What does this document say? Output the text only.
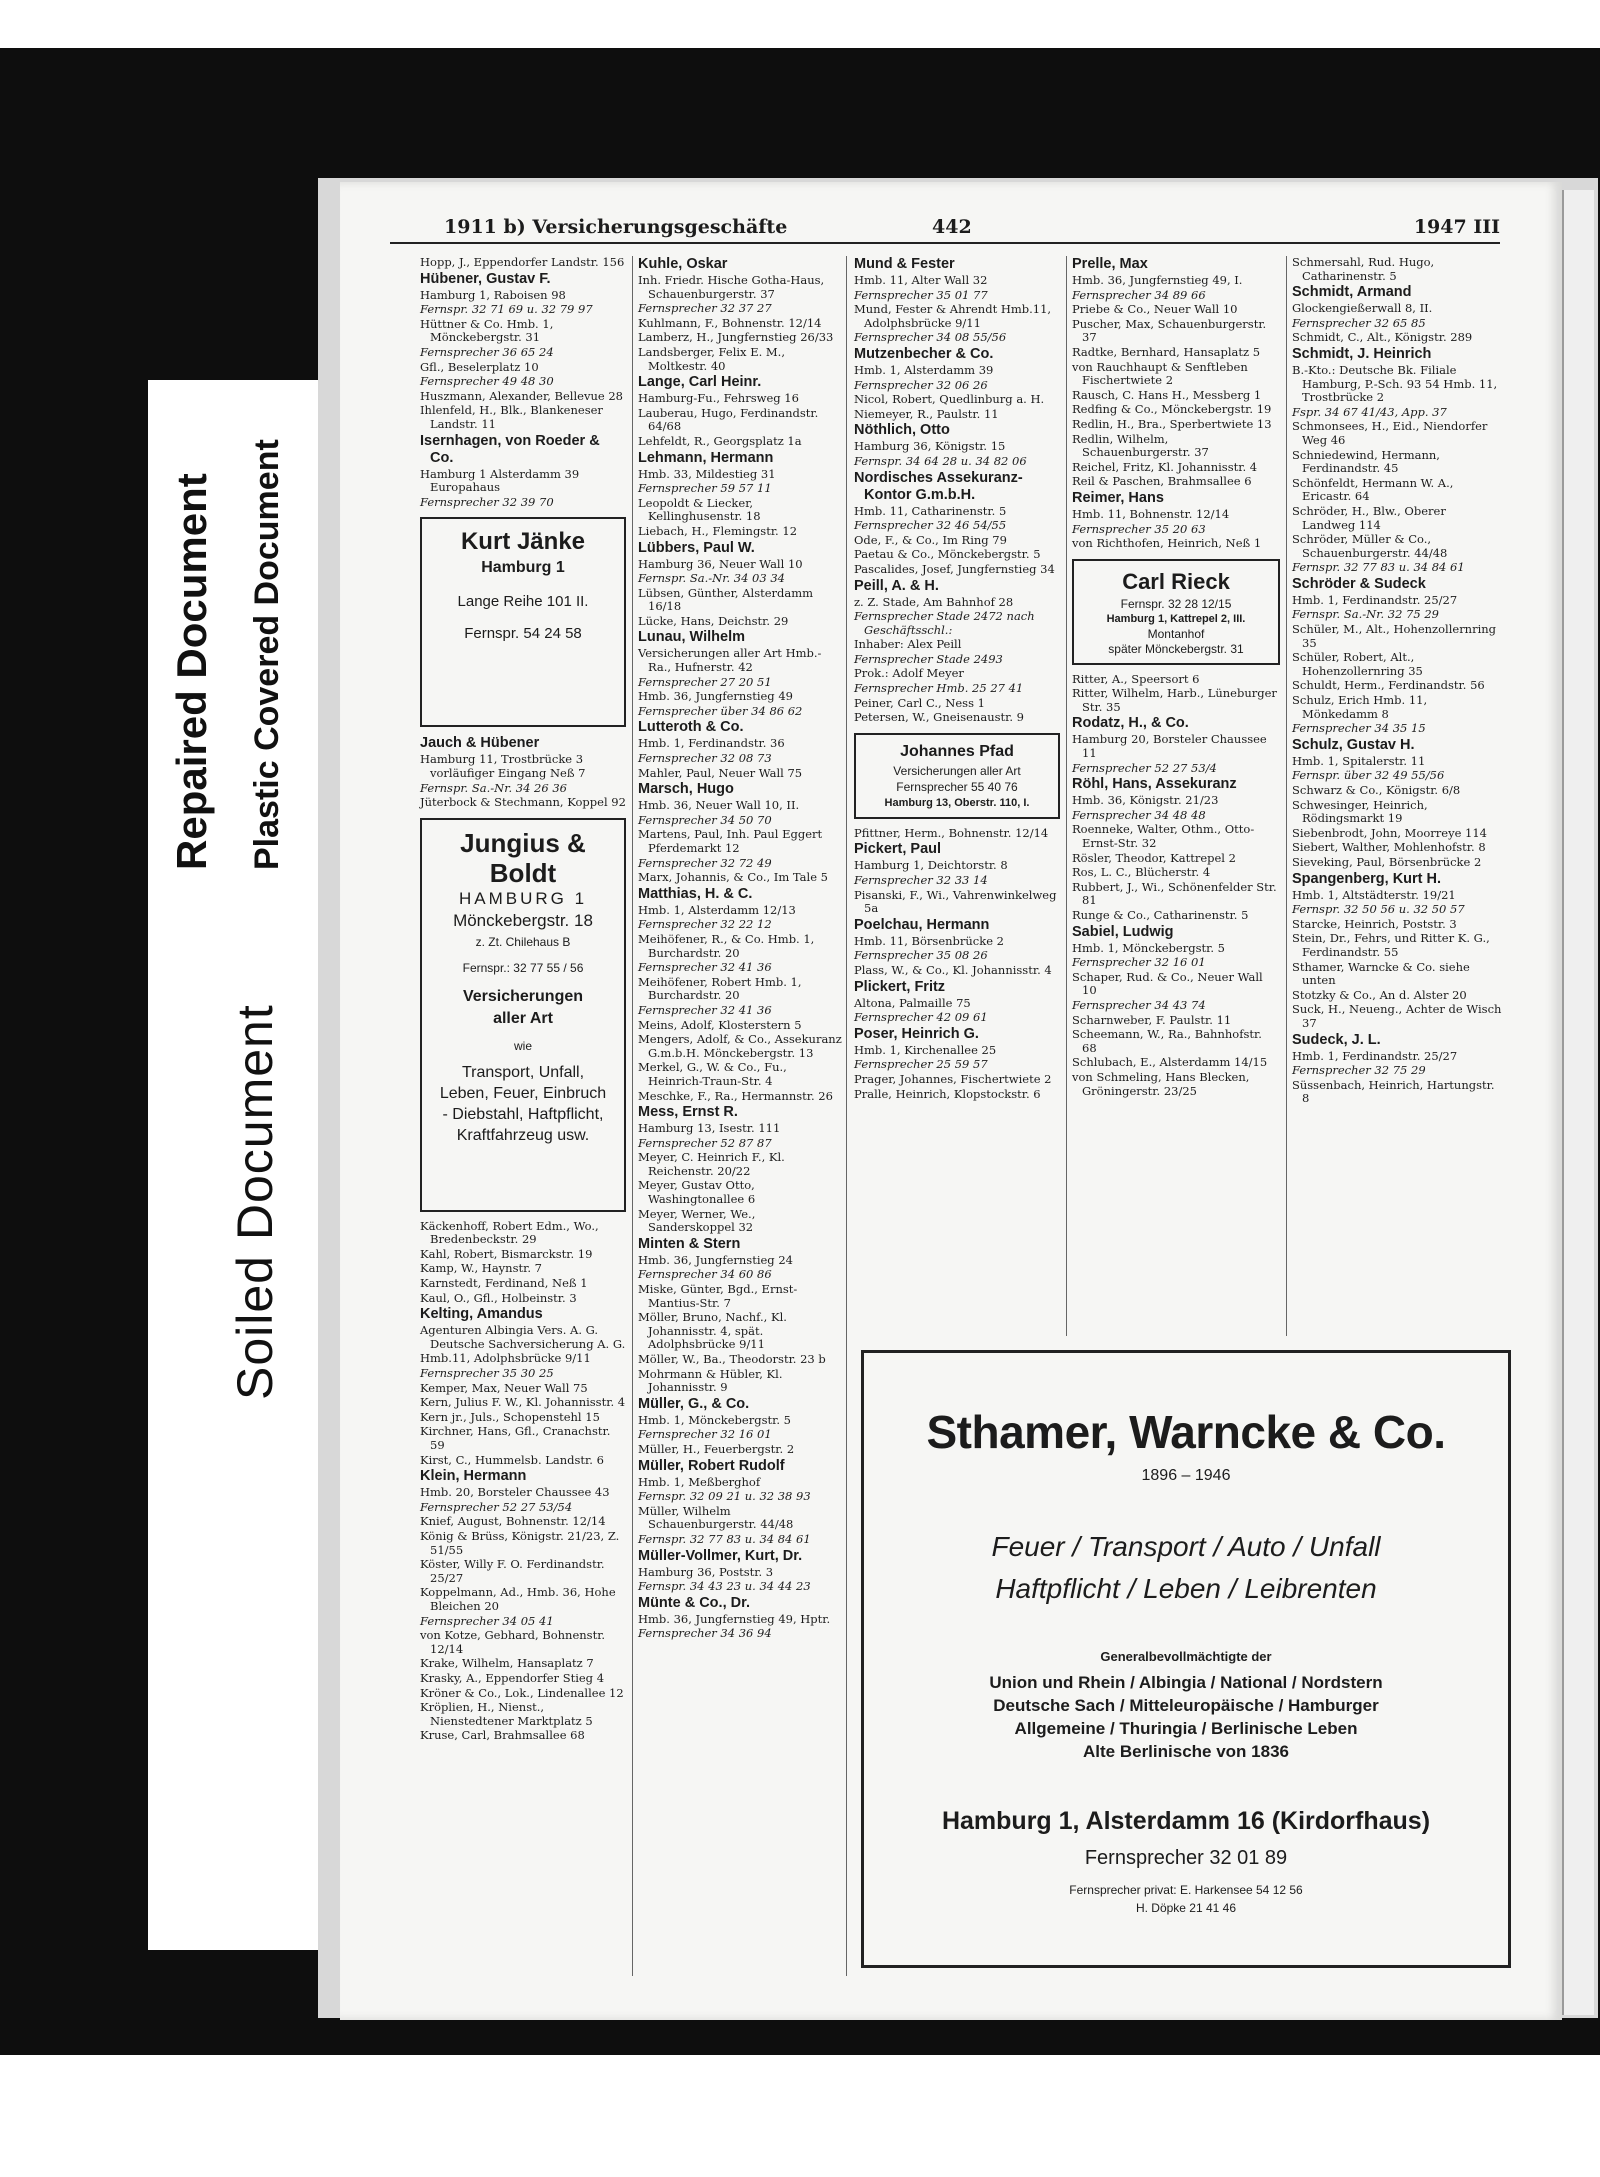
Repaired Document Plastic Covered Document
Soiled Document
1911 b) Versicherungsgeschäfte	442	1947 III
Hopp, J., Eppendorfer Landstr. 156
Hübener, Gustav F.
Hamburg 1, Raboisen 98
Fernspr. 32 71 69 u. 32 79 97
Hüttner & Co. Hmb. 1, Mönckebergstr. 31
Fernsprecher 36 65 24
Gfl., Beselerplatz 10
Fernsprecher 49 48 30
Huszmann, Alexander, Bellevue 28
Ihlenfeld, H., Blk., Blankeneser Landstr. 11
Isernhagen, von Roeder & Co.
Hamburg 1 Alsterdamm 39 Europahaus
Fernsprecher 32 39 70
Kurt Jänke
Hamburg 1
Lange Reihe 101 II.
Fernspr. 54 24 58
Jauch & Hübener
Hamburg 11, Trostbrücke 3 vorläufiger Eingang Neß 7
Fernspr. Sa.-Nr. 34 26 36
Jüterbock & Stechmann, Koppel 92
Jungius & Boldt
HAMBURG 1
Mönckebergstr. 18
z. Zt. Chilehaus B
Fernspr.: 32 77 55 / 56
Versicherungen
aller Art
wie
Transport, Unfall, Leben, Feuer, Einbruch - Diebstahl, Haftpflicht, Kraftfahrzeug usw.
Käckenhoff, Robert Edm., Wo., Bredenbeckstr. 29
Kahl, Robert, Bismarckstr. 19
Kamp, W., Haynstr. 7
Karnstedt, Ferdinand, Neß 1
Kaul, O., Gfl., Holbeinstr. 3
Kelting, Amandus
Agenturen Albingia Vers. A. G. Deutsche Sachversicherung A. G.
Hmb.11, Adolphsbrücke 9/11
Fernsprecher 35 30 25
Kemper, Max, Neuer Wall 75
Kern, Julius F. W., Kl. Johannisstr. 4
Kern jr., Juls., Schopenstehl 15
Kirchner, Hans, Gfl., Cranachstr. 59
Kirst, C., Hummelsb. Landstr. 6
Klein, Hermann
Hmb. 20, Borsteler Chaussee 43
Fernsprecher 52 27 53/54
Knief, August, Bohnenstr. 12/14
König & Brüss, Königstr. 21/23, Z. 51/55
Köster, Willy F. O. Ferdinandstr. 25/27
Koppelmann, Ad., Hmb. 36, Hohe Bleichen 20
Fernsprecher 34 05 41
von Kotze, Gebhard, Bohnenstr. 12/14
Krake, Wilhelm, Hansaplatz 7
Krasky, A., Eppendorfer Stieg 4
Kröner & Co., Lok., Lindenallee 12
Kröplien, H., Nienst., Nienstedtener Marktplatz 5
Kruse, Carl, Brahmsallee 68
Kuhle, Oskar
Inh. Friedr. Hische Gotha-Haus, Schauenburgerstr. 37
Fernsprecher 32 37 27
Kuhlmann, F., Bohnenstr. 12/14
Lamberz, H., Jungfernstieg 26/33
Landsberger, Felix E. M., Moltkestr. 40
Lange, Carl Heinr.
Hamburg-Fu., Fehrsweg 16
Lauberau, Hugo, Ferdinandstr. 64/68
Lehfeldt, R., Georgsplatz 1a
Lehmann, Hermann
Hmb. 33, Mildestieg 31
Fernsprecher 59 57 11
Leopoldt & Liecker, Kellinghusenstr. 18
Liebach, H., Flemingstr. 12
Lübbers, Paul W.
Hamburg 36, Neuer Wall 10
Fernspr. Sa.-Nr. 34 03 34
Lübsen, Günther, Alsterdamm 16/18
Lücke, Hans, Deichstr. 29
Lunau, Wilhelm
Versicherungen aller Art Hmb.-Ra., Hufnerstr. 42
Fernsprecher 27 20 51
Hmb. 36, Jungfernstieg 49
Fernsprecher über 34 86 62
Lutteroth & Co.
Hmb. 1, Ferdinandstr. 36
Fernsprecher 32 08 73
Mahler, Paul, Neuer Wall 75
Marsch, Hugo
Hmb. 36, Neuer Wall 10, II.
Fernsprecher 34 50 70
Martens, Paul, Inh. Paul Eggert Pferdemarkt 12
Fernsprecher 32 72 49
Marx, Johannis, & Co., Im Tale 5
Matthias, H. & C.
Hmb. 1, Alsterdamm 12/13
Fernsprecher 32 22 12
Meihöfener, R., & Co. Hmb. 1, Burchardstr. 20
Fernsprecher 32 41 36
Meihöfener, Robert Hmb. 1, Burchardstr. 20
Fernsprecher 32 41 36
Meins, Adolf, Klosterstern 5
Mengers, Adolf, & Co., Assekuranz G.m.b.H. Mönckebergstr. 13
Merkel, G., W. & Co., Fu., Heinrich-Traun-Str. 4
Meschke, F., Ra., Hermannstr. 26
Mess, Ernst R.
Hamburg 13, Isestr. 111
Fernsprecher 52 87 87
Meyer, C. Heinrich F., Kl. Reichenstr. 20/22
Meyer, Gustav Otto, Washingtonallee 6
Meyer, Werner, We., Sanderskoppel 32
Minten & Stern
Hmb. 36, Jungfernstieg 24
Fernsprecher 34 60 86
Miske, Günter, Bgd., Ernst-Mantius-Str. 7
Möller, Bruno, Nachf., Kl. Johannisstr. 4, spät. Adolphsbrücke 9/11
Möller, W., Ba., Theodorstr. 23 b
Mohrmann & Hübler, Kl. Johannisstr. 9
Müller, G., & Co.
Hmb. 1, Mönckebergstr. 5
Fernsprecher 32 16 01
Müller, H., Feuerbergstr. 2
Müller, Robert Rudolf
Hmb. 1, Meßberghof
Fernspr. 32 09 21 u. 32 38 93
Müller, Wilhelm Schauenburgerstr. 44/48
Fernspr. 32 77 83 u. 34 84 61
Müller-Vollmer, Kurt, Dr.
Hamburg 36, Poststr. 3
Fernspr. 34 43 23 u. 34 44 23
Münte & Co., Dr.
Hmb. 36, Jungfernstieg 49, Hptr.
Fernsprecher 34 36 94
Mund & Fester
Hmb. 11, Alter Wall 32
Fernsprecher 35 01 77
Mund, Fester & Ahrendt Hmb.11, Adolphsbrücke 9/11
Fernsprecher 34 08 55/56
Mutzenbecher & Co.
Hmb. 1, Alsterdamm 39
Fernsprecher 32 06 26
Nicol, Robert, Quedlinburg a. H.
Niemeyer, R., Paulstr. 11
Nöthlich, Otto
Hamburg 36, Königstr. 15
Fernspr. 34 64 28 u. 34 82 06
Nordisches Assekuranz-Kontor G.m.b.H.
Hmb. 11, Catharinenstr. 5
Fernsprecher 32 46 54/55
Ode, F., & Co., Im Ring 79
Paetau & Co., Mönckebergstr. 5
Pascalides, Josef, Jungfernstieg 34
Peill, A. & H.
z. Z. Stade, Am Bahnhof 28
Fernsprecher Stade 2472 nach Geschäftsschl.:
Inhaber: Alex Peill
Fernsprecher Stade 2493
Prok.: Adolf Meyer
Fernsprecher Hmb. 25 27 41
Peiner, Carl C., Ness 1
Petersen, W., Gneisenaustr. 9
Johannes Pfad
Versicherungen aller Art
Fernsprecher 55 40 76
Hamburg 13, Oberstr. 110, I.
Pfittner, Herm., Bohnenstr. 12/14
Pickert, Paul
Hamburg 1, Deichtorstr. 8
Fernsprecher 32 33 14
Pisanski, F., Wi., Vahrenwinkelweg 5a
Poelchau, Hermann
Hmb. 11, Börsenbrücke 2
Fernsprecher 35 08 26
Plass, W., & Co., Kl. Johannisstr. 4
Plickert, Fritz
Altona, Palmaille 75
Fernsprecher 42 09 61
Poser, Heinrich G.
Hmb. 1, Kirchenallee 25
Fernsprecher 25 59 57
Prager, Johannes, Fischertwiete 2
Pralle, Heinrich, Klopstockstr. 6
Prelle, Max
Hmb. 36, Jungfernstieg 49, I.
Fernsprecher 34 89 66
Priebe & Co., Neuer Wall 10
Puscher, Max, Schauenburgerstr. 37
Radtke, Bernhard, Hansaplatz 5
von Rauchhaupt & Senftleben Fischertwiete 2
Rausch, C. Hans H., Messberg 1
Redfing & Co., Mönckebergstr. 19
Redlin, H., Bra., Sperbertwiete 13
Redlin, Wilhelm, Schauenburgerstr. 37
Reichel, Fritz, Kl. Johannisstr. 4
Reil & Paschen, Brahmsallee 6
Reimer, Hans
Hmb. 11, Bohnenstr. 12/14
Fernsprecher 35 20 63
von Richthofen, Heinrich, Neß 1
Carl Rieck
Fernspr. 32 28 12/15
Hamburg 1, Kattrepel 2, III.
Montanhof
später Mönckebergstr. 31
Ritter, A., Speersort 6
Ritter, Wilhelm, Harb., Lüneburger Str. 35
Rodatz, H., & Co.
Hamburg 20, Borsteler Chaussee 11
Fernsprecher 52 27 53/4
Röhl, Hans, Assekuranz
Hmb. 36, Königstr. 21/23
Fernsprecher 34 48 48
Roenneke, Walter, Othm., Otto-Ernst-Str. 32
Rösler, Theodor, Kattrepel 2
Ros, L. C., Blücherstr. 4
Rubbert, J., Wi., Schönenfelder Str. 81
Runge & Co., Catharinenstr. 5
Sabiel, Ludwig
Hmb. 1, Mönckebergstr. 5
Fernsprecher 32 16 01
Schaper, Rud. & Co., Neuer Wall 10
Fernsprecher 34 43 74
Scharnweber, F. Paulstr. 11
Scheemann, W., Ra., Bahnhofstr. 68
Schlubach, E., Alsterdamm 14/15
von Schmeling, Hans Blecken, Gröningerstr. 23/25
Schmersahl, Rud. Hugo, Catharinenstr. 5
Schmidt, Armand
Glockengießerwall 8, II.
Fernsprecher 32 65 85
Schmidt, C., Alt., Königstr. 289
Schmidt, J. Heinrich
B.-Kto.: Deutsche Bk. Filiale Hamburg, P.-Sch. 93 54 Hmb. 11, Trostbrücke 2
Fspr. 34 67 41/43, App. 37
Schmonsees, H., Eid., Niendorfer Weg 46
Schniedewind, Hermann, Ferdinandstr. 45
Schönfeldt, Hermann W. A., Ericastr. 64
Schröder, H., Blw., Oberer Landweg 114
Schröder, Müller & Co., Schauenburgerstr. 44/48
Fernspr. 32 77 83 u. 34 84 61
Schröder & Sudeck
Hmb. 1, Ferdinandstr. 25/27
Fernspr. Sa.-Nr. 32 75 29
Schüler, M., Alt., Hohenzollernring 35
Schüler, Robert, Alt., Hohenzollernring 35
Schuldt, Herm., Ferdinandstr. 56
Schulz, Erich Hmb. 11, Mönkedamm 8
Fernsprecher 34 35 15
Schulz, Gustav H.
Hmb. 1, Spitalerstr. 11
Fernspr. über 32 49 55/56
Schwarz & Co., Königstr. 6/8
Schwesinger, Heinrich, Rödingsmarkt 19
Siebenbrodt, John, Moorreye 114
Siebert, Walther, Mohlenhofstr. 8
Sieveking, Paul, Börsenbrücke 2
Spangenberg, Kurt H.
Hmb. 1, Altstädterstr. 19/21
Fernspr. 32 50 56 u. 32 50 57
Starcke, Heinrich, Poststr. 3
Stein, Dr., Fehrs, und Ritter K. G., Ferdinandstr. 55
Sthamer, Warncke & Co. siehe unten
Stotzky & Co., An d. Alster 20
Suck, H., Neueng., Achter de Wisch 37
Sudeck, J. L.
Hmb. 1, Ferdinandstr. 25/27
Fernsprecher 32 75 29
Süssenbach, Heinrich, Hartungstr. 8
Sthamer, Warncke & Co.
1896 – 1946
Feuer / Transport / Auto / Unfall
Haftpflicht / Leben / Leibrenten
Generalbevollmächtigte der
Union und Rhein / Albingia / National / Nordstern
Deutsche Sach / Mitteleuropäische / Hamburger
Allgemeine / Thuringia / Berlinische Leben
Alte Berlinische von 1836
Hamburg 1, Alsterdamm 16 (Kirdorfhaus)
Fernsprecher 32 01 89
Fernsprecher privat: E. Harkensee 54 12 56
H. Döpke 21 41 46
